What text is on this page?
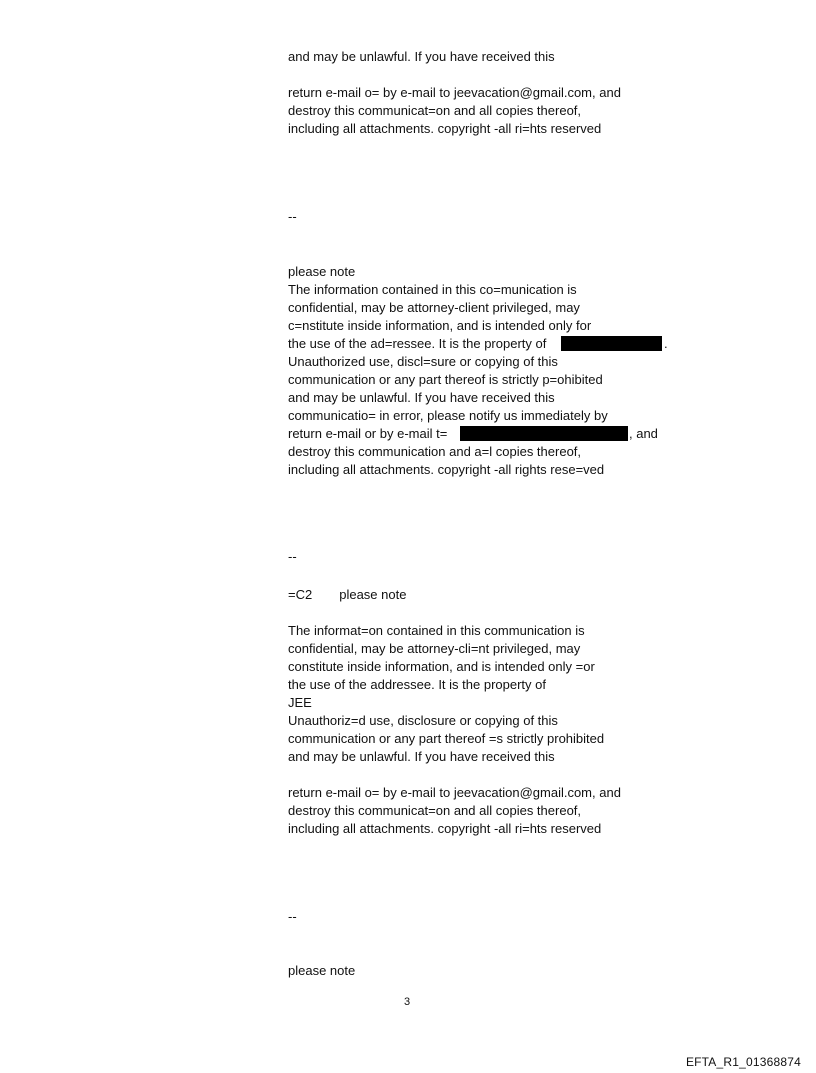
and may be unlawful. If you have received this
return e-mail o= by e-mail to jeevacation@gmail.com, and
destroy this communicat=on and all copies thereof,
including all attachments. copyright -all ri=hts reserved
--
please note
The information contained in this co=munication is
confidential, may be attorney-client privileged, may
c=nstitute inside information, and is intended only for
the use of the ad=ressee. It is the property of	.
Unauthorized use, discl=sure or copying of this
communication or any part thereof is strictly p=ohibited
and may be unlawful. If you have received this
communicatio= in error, please notify us immediately by
return e-mail or by e-mail t=	, and
destroy this communication and a=l copies thereof,
including all attachments. copyright -all rights rese=ved
--
=C2 please note
The informat=on contained in this communication is
confidential, may be attorney-cli=nt privileged, may
constitute inside information, and is intended only =or
the use of the addressee. It is the property of
JEE
Unauthoriz=d use, disclosure or copying of this
communication or any part thereof =s strictly prohibited
and may be unlawful. If you have received this
return e-mail o= by e-mail to jeevacation@gmail.com, and
destroy this communicat=on and all copies thereof,
including all attachments. copyright -all ri=hts reserved
--
please note
3
EFTA_R1_01368874
